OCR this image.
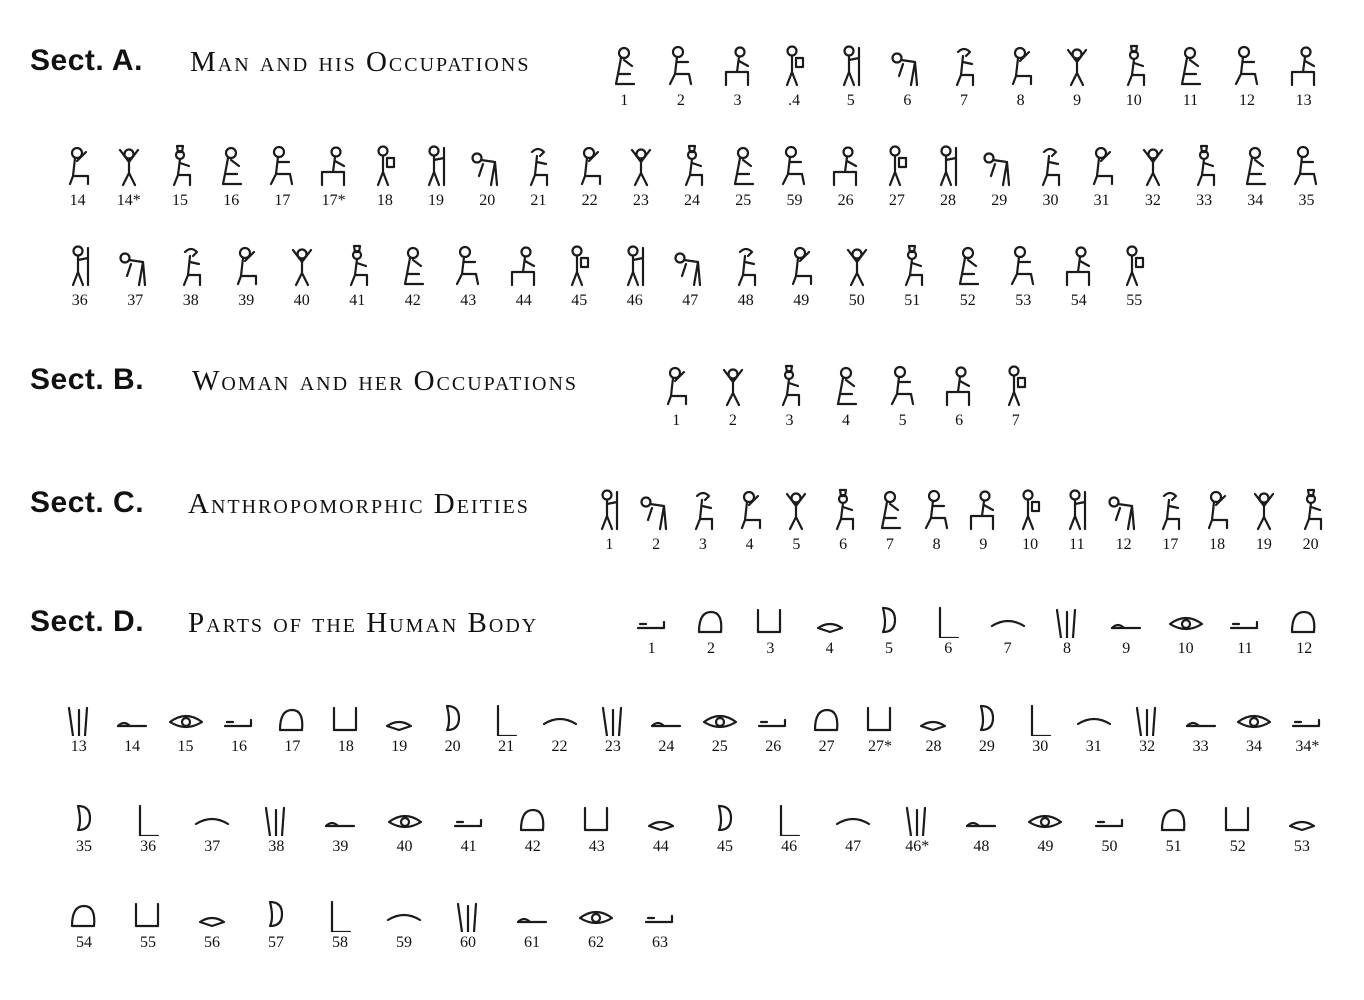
Sect. A. Man and his Occupations
Sect. B. Woman and her Occupations
Sect. C. Anthropomorphic Deities
Sect. D. Parts of the Human Body
1	2	3	.4	5	6	7	8	9	10	11	12	13
14 14* 15 16 17 17* 18 19 20 21 22 23 24 25 59 26 27 28 29 30 31 32 33 34 35
36 37 38 39 40 41 42 43 44 45 46 47 48 49 50 51 52 53 54 55
1	2	3	4	5	6	7
1 2 3 4 5 6 7 8 9 10 11 12 17 18 19 20
1	2	3	4	5	6	7	8	9	10	11	12
13 14 15 16 17 18 19 20 21 22 23 24 25 26 27 27* 28 29 30 31 32 33 34 34*
35	36	37	38	39	40	41	42	43	44	45	46	47	46*	48	49	50	51	52	53
54	55	56	57	58	59	60	61	62	63
